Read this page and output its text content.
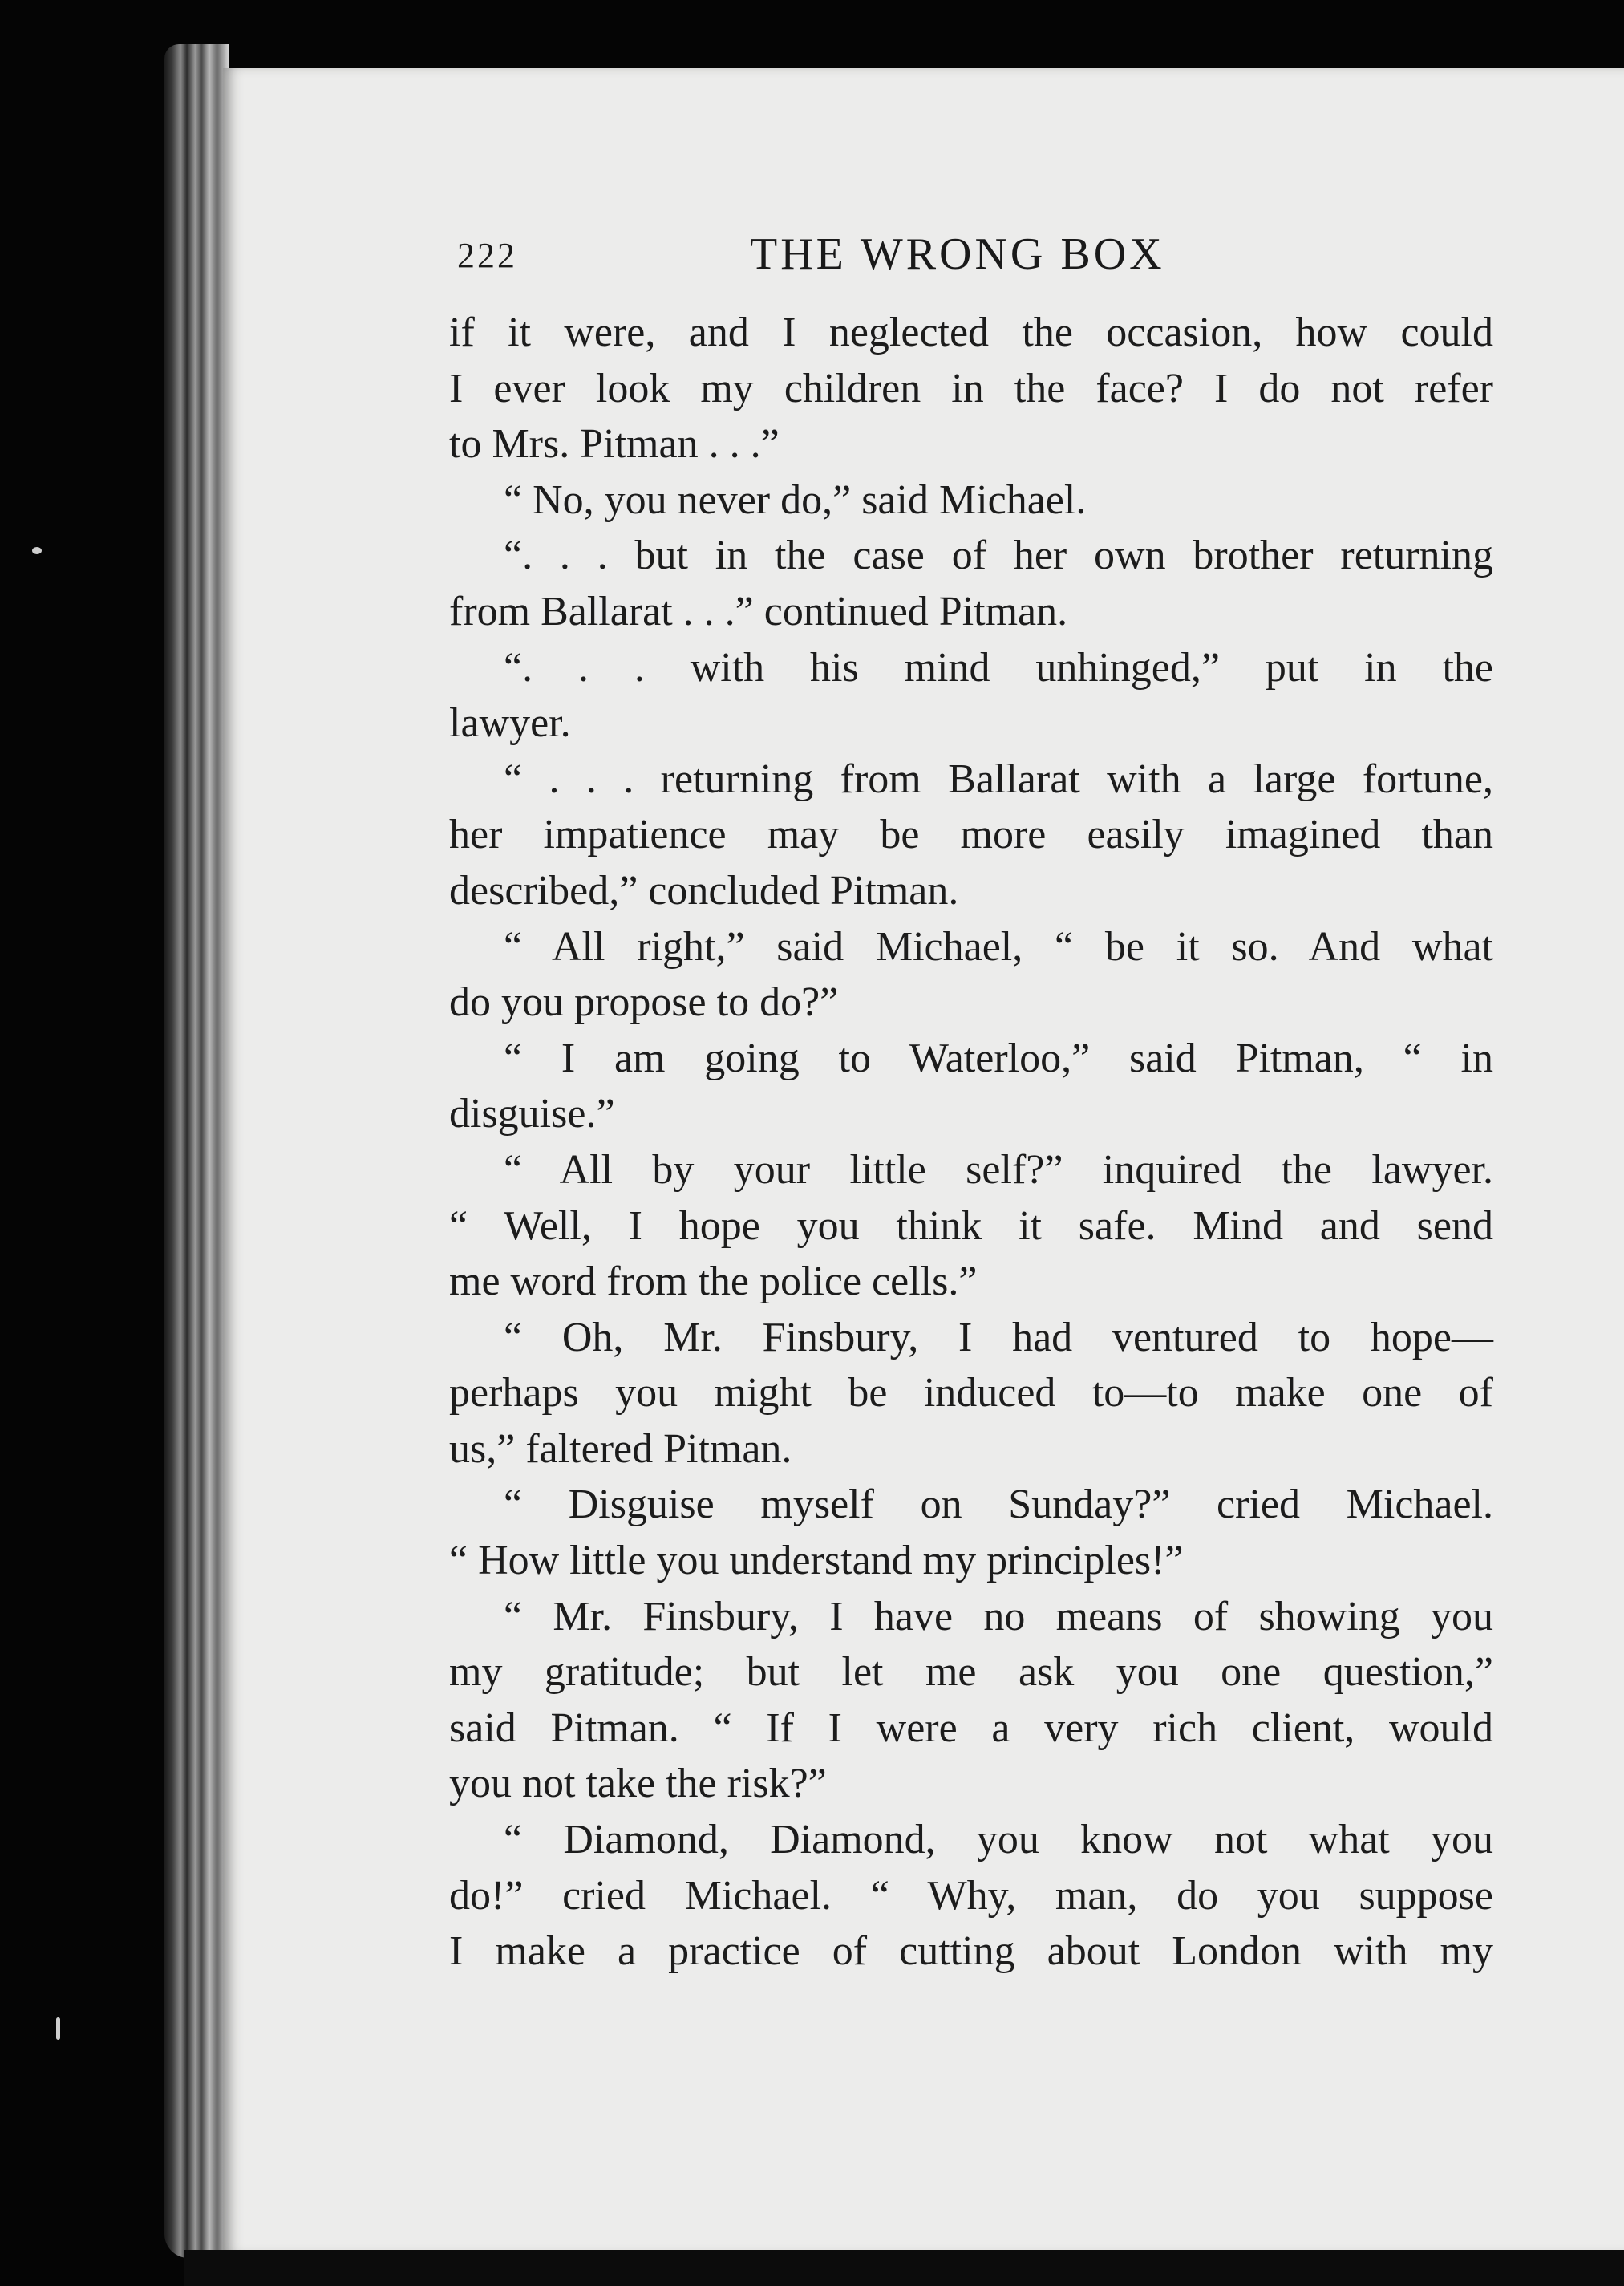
222	THE WRONG BOX
if it were, and I neglected the occasion, how could
I ever look my children in the face? I do not refer
to Mrs. Pitman . . .”
“ No, you never do,” said Michael.
“. . . but in the case of her own brother returning
from Ballarat . . .” continued Pitman.
“. . . with his mind unhinged,” put in the
lawyer.
“ . . . returning from Ballarat with a large fortune,
her impatience may be more easily imagined than
described,” concluded Pitman.
“ All right,” said Michael, “ be it so. And what
do you propose to do?”
“ I am going to Waterloo,” said Pitman, “ in
disguise.”
“ All by your little self?” inquired the lawyer.
“ Well, I hope you think it safe. Mind and send
me word from the police cells.”
“ Oh, Mr. Finsbury, I had ventured to hope—
perhaps you might be induced to—to make one of
us,” faltered Pitman.
“ Disguise myself on Sunday?” cried Michael.
“ How little you understand my principles!”
“ Mr. Finsbury, I have no means of showing you
my gratitude; but let me ask you one question,”
said Pitman. “ If I were a very rich client, would
you not take the risk?”
“ Diamond, Diamond, you know not what you
do!” cried Michael. “ Why, man, do you suppose
I make a practice of cutting about London with my
